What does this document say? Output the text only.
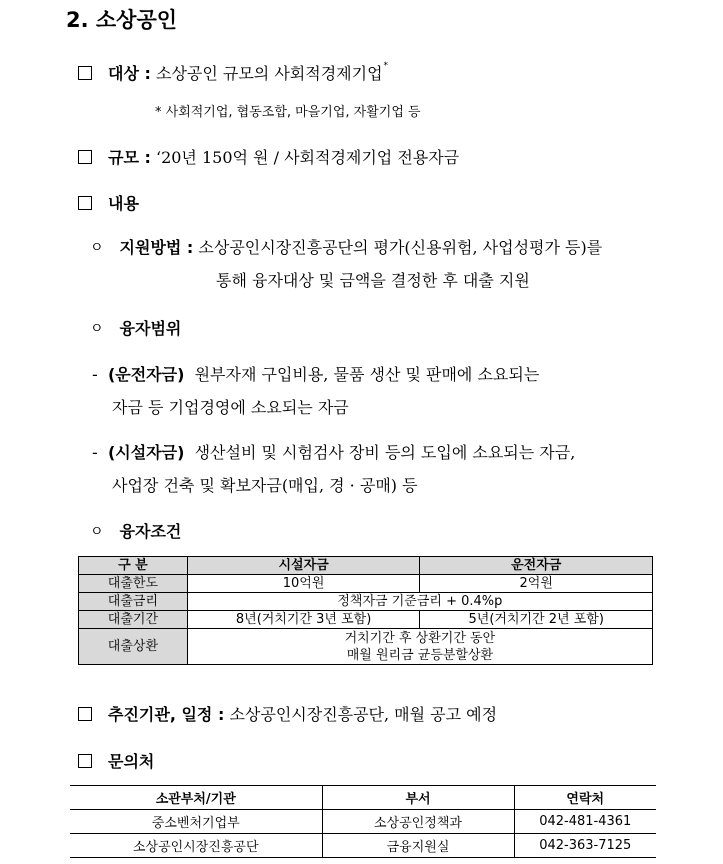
2. 소상공인
대상 :
소상공인 규모의 사회적경제기업 *
* 사회적기업, 협동조합, 마을기업, 자활기업 등
규모 :
‘20년 150억 원 / 사회적경제기업 전용자금
내용
ㅇ 지원방법 :
소상공인시장진흥공단의 평가(신용위험, 사업성평가 등)를
통해 융자대상 및 금액을 결정한 후 대출 지원
ㅇ 융자범위
- (운전자금) 원부자재 구입비용, 물품 생산 및 판매에 소요되는
자금 등 기업경영에 소요되는 자금
- (시설자금) 생산설비 및 시험검사 장비 등의 도입에 소요되는 자금,
사업장 건축 및 확보자금(매입, 경 · 공매) 등
ㅇ 융자조건
구 분	시설자금	운전자금
대출한도	10억원	2억원
대출금리	정책자금 기준금리 + 0.4%p	
대출기간	8년(거치기간 3년 포함)	5년(거치기간 2년 포함)
대출상환	거치기간 후 상환기간 동안
매월 원리금 균등분할상환	
추진기관, 일정 :
소상공인시장진흥공단, 매월 공고 예정
문의처
소관부처/기관	부서	연락처
중소벤처기업부	소상공인정책과	042-481-4361
소상공인시장진흥공단	금융지원실	042-363-7125
